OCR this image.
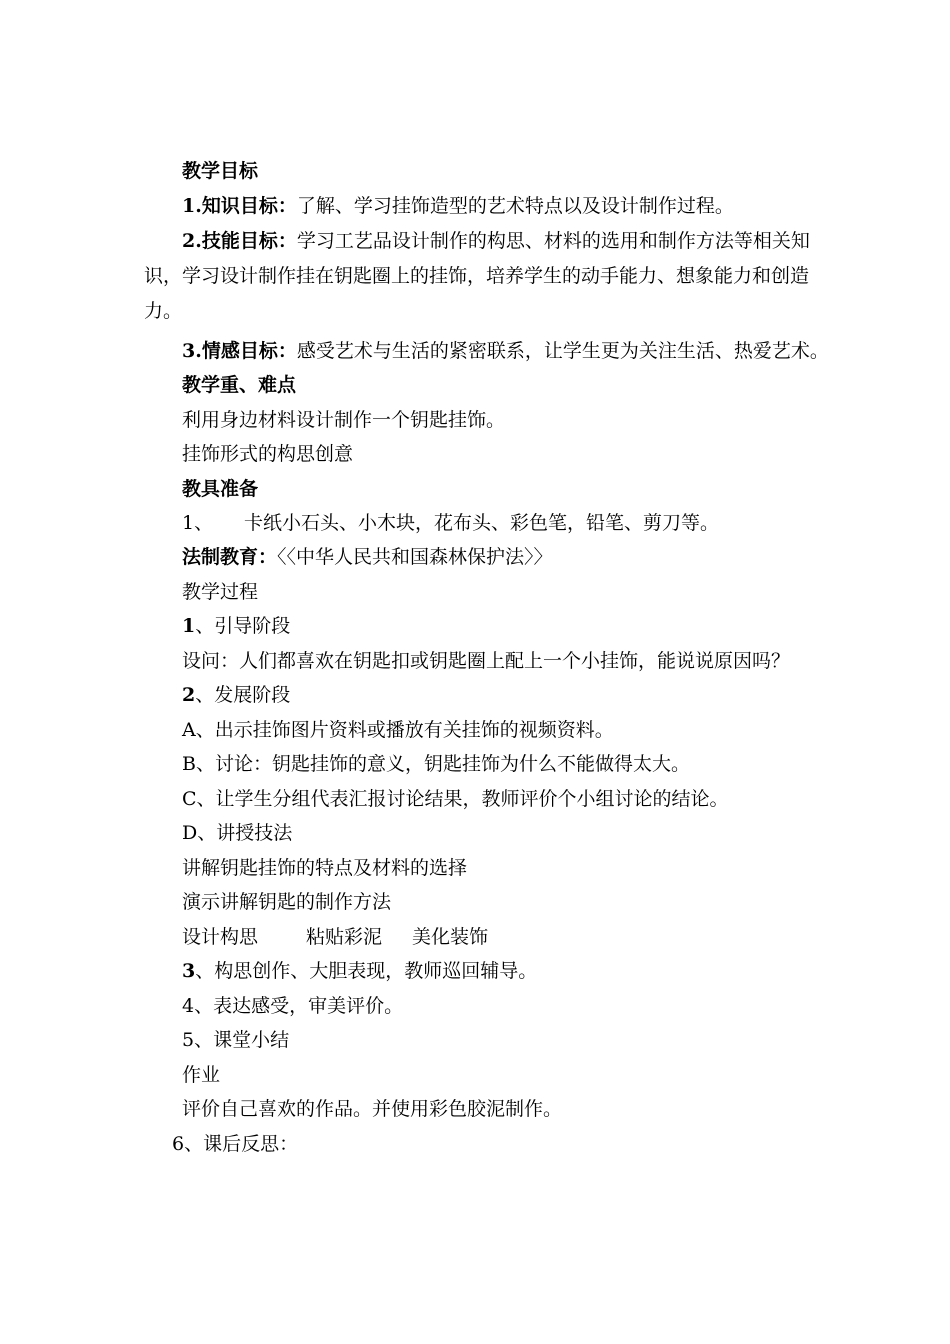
教学目标
1.知识目标：了解、学习挂饰造型的艺术特点以及设计制作过程。
2.技能目标：学习工艺品设计制作的构思、材料的选用和制作方法等相关知
识，学习设计制作挂在钥匙圈上的挂饰，培养学生的动手能力、想象能力和创造
力。
3.情感目标：感受艺术与生活的紧密联系，让学生更为关注生活、热爱艺术。
教学重、难点
利用身边材料设计制作一个钥匙挂饰。
挂饰形式的构思创意
教具准备
1、 卡纸小石头、小木块，花布头、彩色笔，铅笔、剪刀等。
法制教育：〈〈中华人民共和国森林保护法〉〉
教学过程
1、引导阶段
设问：人们都喜欢在钥匙扣或钥匙圈上配上一个小挂饰，能说说原因吗？
2、发展阶段
A、出示挂饰图片资料或播放有关挂饰的视频资料。
B、讨论：钥匙挂饰的意义，钥匙挂饰为什么不能做得太大。
C、让学生分组代表汇报讨论结果，教师评价个小组讨论的结论。
D、讲授技法
讲解钥匙挂饰的特点及材料的选择
演示讲解钥匙的制作方法
设计构思	粘贴彩泥 美化装饰
3、构思创作、大胆表现，教师巡回辅导。
4、表达感受，审美评价。
5、课堂小结
作业
评价自己喜欢的作品。并使用彩色胶泥制作。
6、课后反思：
